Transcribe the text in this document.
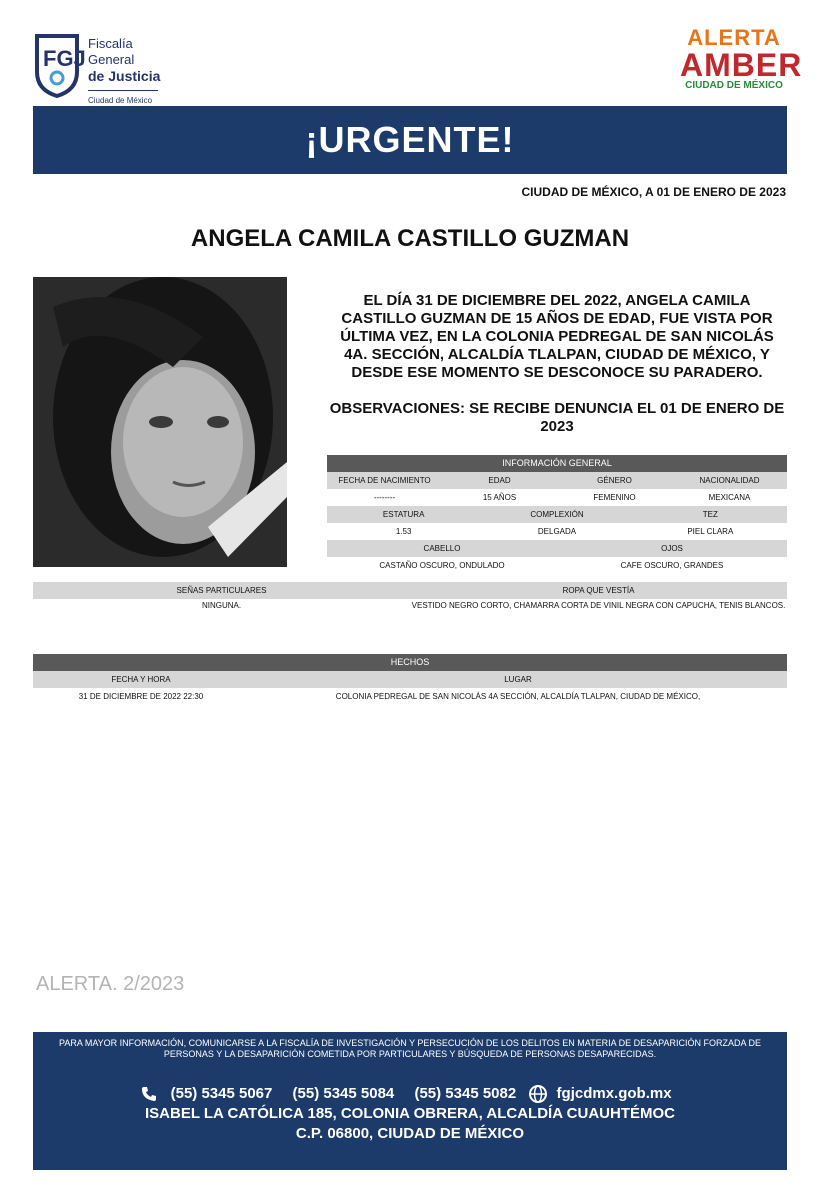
FGJ
Fiscalía
General
de Justicia
Ciudad de México
ALERTA
AMBER
CIUDAD DE MÉXICO
¡URGENTE!
CIUDAD DE MÉXICO, A 01 DE ENERO DE 2023
ANGELA CAMILA CASTILLO GUZMAN
EL DÍA 31 DE DICIEMBRE DEL 2022, ANGELA CAMILA CASTILLO GUZMAN DE 15 AÑOS DE EDAD, FUE VISTA POR ÚLTIMA VEZ, EN LA COLONIA PEDREGAL DE SAN NICOLÁS 4A. SECCIÓN, ALCALDÍA TLALPAN, CIUDAD DE MÉXICO, Y DESDE ESE MOMENTO SE DESCONOCE SU PARADERO.
OBSERVACIONES: SE RECIBE DENUNCIA EL 01 DE ENERO DE 2023
INFORMACIÓN GENERAL
FECHA DE NACIMIENTO	EDAD	GÉNERO	NACIONALIDAD
--------	15 AÑOS	FEMENINO	MEXICANA
ESTATURA	COMPLEXIÓN	TEZ
1.53	DELGADA	PIEL CLARA
CABELLO	OJOS
CASTAÑO OSCURO, ONDULADO	CAFE OSCURO, GRANDES
SEÑAS PARTICULARES	ROPA QUE VESTÍA
NINGUNA.	VESTIDO NEGRO CORTO, CHAMARRA CORTA DE VINIL NEGRA CON CAPUCHA, TENIS BLANCOS.
HECHOS
FECHA Y HORA	LUGAR
31 DE DICIEMBRE DE 2022 22:30	COLONIA PEDREGAL DE SAN NICOLÁS 4A SECCIÓN, ALCALDÍA TLALPAN, CIUDAD DE MÉXICO,
ALERTA. 2/2023
PARA MAYOR INFORMACIÓN, COMUNICARSE A LA FISCALÍA DE INVESTIGACIÓN Y PERSECUCIÓN DE LOS DELITOS EN MATERIA DE DESAPARICIÓN FORZADA DE PERSONAS Y LA DESAPARICIÓN COMETIDA POR PARTICULARES Y BÚSQUEDA DE PERSONAS DESAPARECIDAS.
(55) 5345 5067 (55) 5345 5084 (55) 5345 5082	fgjcdmx.gob.mx
ISABEL LA CATÓLICA 185, COLONIA OBRERA, ALCALDÍA CUAUHTÉMOC
C.P. 06800, CIUDAD DE MÉXICO
